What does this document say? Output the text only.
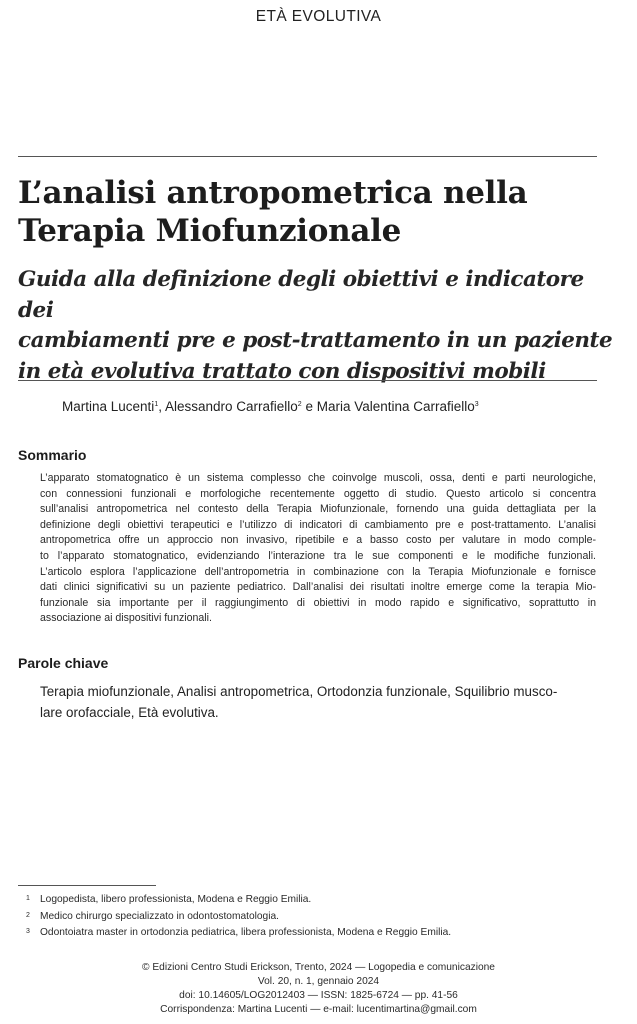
ETÀ EVOLUTIVA
L’analisi antropometrica nella
Terapia Miofunzionale
Guida alla definizione degli obiettivi e indicatore dei
cambiamenti pre e post-trattamento in un paziente
in età evolutiva trattato con dispositivi mobili
Martina Lucenti$^1$, Alessandro Carrafiello$^2$ e Maria Valentina Carrafiello$^3$
Sommario
L’apparato stomatognatico è un sistema complesso che coinvolge muscoli, ossa, denti e parti neurologiche,
con connessioni funzionali e morfologiche recentemente oggetto di studio. Questo articolo si concentra
sull’analisi antropometrica nel contesto della Terapia Miofunzionale, fornendo una guida dettagliata per la
definizione degli obiettivi terapeutici e l’utilizzo di indicatori di cambiamento pre e post-trattamento. L’analisi
antropometrica offre un approccio non invasivo, ripetibile e a basso costo per valutare in modo comple-
to l’apparato stomatognatico, evidenziando l’interazione tra le sue componenti e le modifiche funzionali.
L’articolo esplora l’applicazione dell’antropometria in combinazione con la Terapia Miofunzionale e fornisce
dati clinici significativi su un paziente pediatrico. Dall’analisi dei risultati inoltre emerge come la terapia Mio-
funzionale sia importante per il raggiungimento di obiettivi in modo rapido e significativo, soprattutto in
associazione ai dispositivi funzionali.
Parole chiave
Terapia miofunzionale, Analisi antropometrica, Ortodonzia funzionale, Squilibrio musco-
lare orofacciale, Età evolutiva.
1 Logopedista, libero professionista, Modena e Reggio Emilia.
2 Medico chirurgo specializzato in odontostomatologia.
3 Odontoiatra master in ortodonzia pediatrica, libera professionista, Modena e Reggio Emilia.
© Edizioni Centro Studi Erickson, Trento, 2024 — Logopedia e comunicazione
Vol. 20, n. 1, gennaio 2024
doi: 10.14605/LOG2012403 — ISSN: 1825-6724 — pp. 41-56
Corrispondenza: Martina Lucenti — e-mail: lucentimartina@gmail.com
